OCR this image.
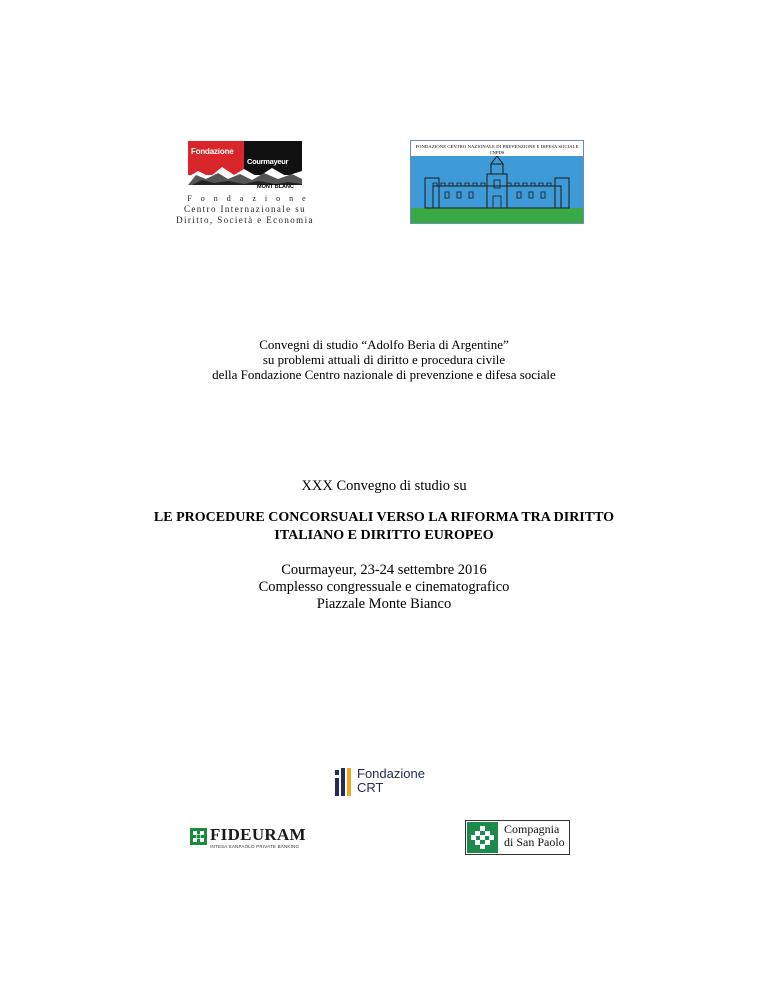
Fondazione
Courmayeur
MONT BLANC
Fondazione
Centro Internazionale su
Diritto, Società e Economia
FONDAZIONE CENTRO NAZIONALE DI PREVENZIONE E DIFESA SOCIALE
CNPDS
Convegni di studio “Adolfo Beria di Argentine”
su problemi attuali di diritto e procedura civile
della Fondazione Centro nazionale di prevenzione e difesa sociale
XXX Convegno di studio su
LE PROCEDURE CONCORSUALI VERSO LA RIFORMA TRA DIRITTO
ITALIANO E DIRITTO EUROPEO
Courmayeur, 23-24 settembre 2016
Complesso congressuale e cinematografico
Piazzale Monte Bianco
Fondazione
CRT
FIDEURAM
INTESA SANPAOLO PRIVATE BANKING
Compagnia
di San Paolo
